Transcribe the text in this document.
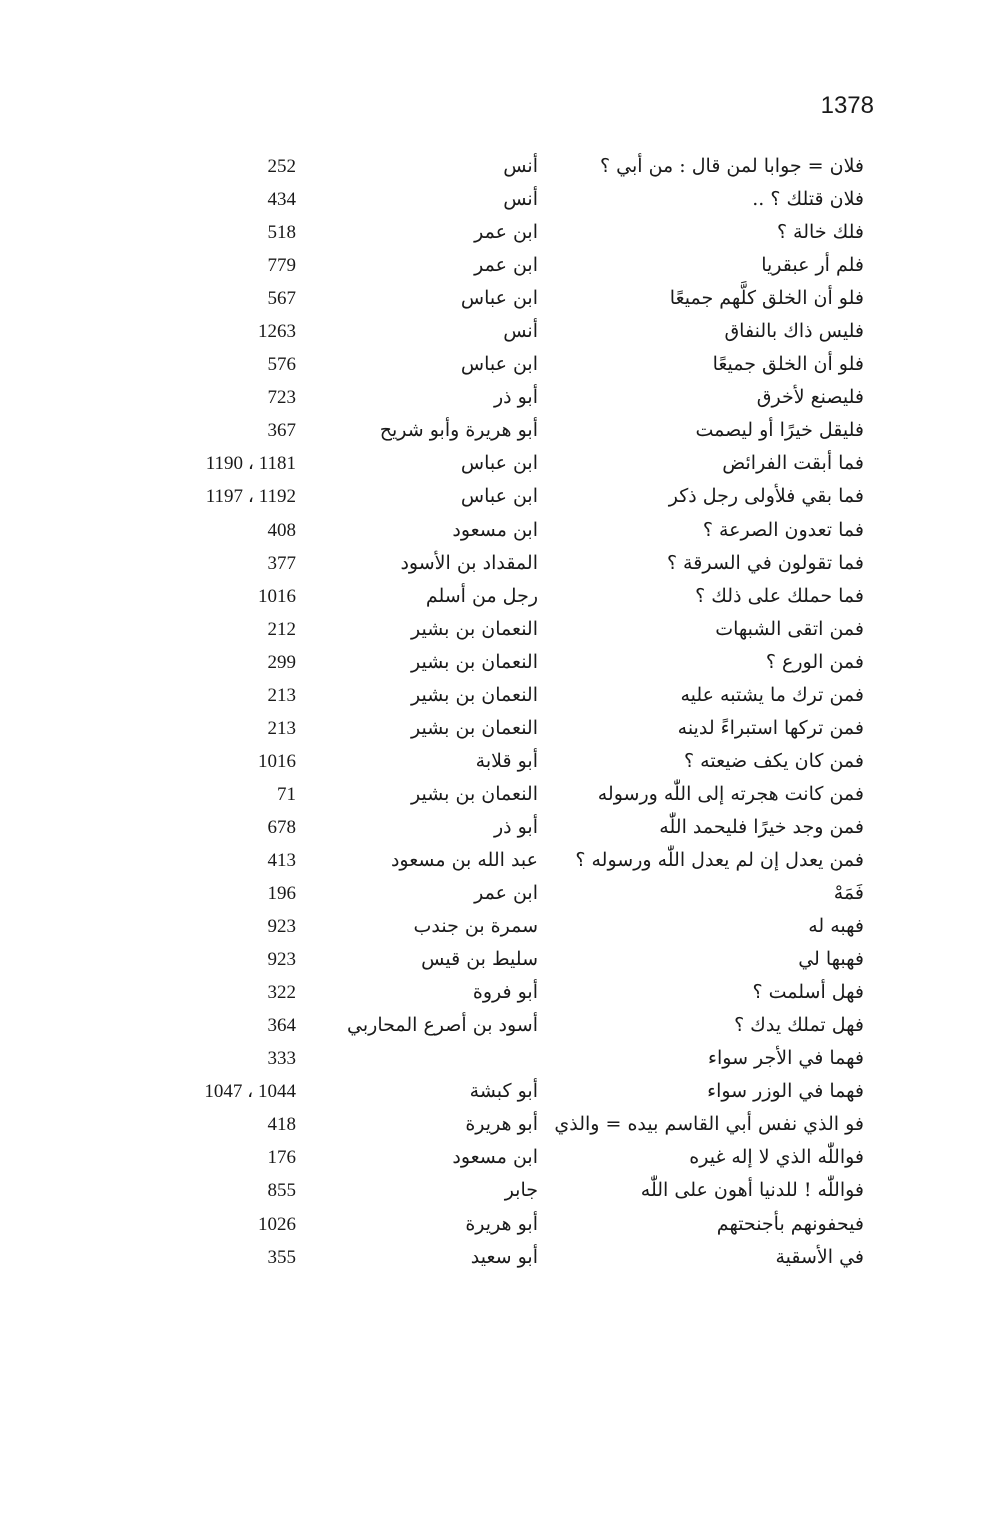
1378
فلان = جوابا لمن قال : من أبي ؟
أنس
252
فلان قتلك ؟ ..
أنس
434
فلك خالة ؟
ابن عمر
518
فلم أر عبقريا
ابن عمر
779
فلو أن الخلق كلَّهم جميعًا
ابن عباس
567
فليس ذاك بالنفاق
أنس
1263
فلو أن الخلق جميعًا
ابن عباس
576
فليصنع لأخرق
أبو ذر
723
فليقل خيرًا أو ليصمت
أبو هريرة وأبو شريح
367
فما أبقت الفرائض
ابن عباس
1181 ، 1190
فما بقي فلأولى رجل ذكر
ابن عباس
1192 ، 1197
فما تعدون الصرعة ؟
ابن مسعود
408
فما تقولون في السرقة ؟
المقداد بن الأسود
377
فما حملك على ذلك ؟
رجل من أسلم
1016
فمن اتقى الشبهات
النعمان بن بشير
212
فمن الورع ؟
النعمان بن بشير
299
فمن ترك ما يشتبه عليه
النعمان بن بشير
213
فمن تركها استبراءً لدينه
النعمان بن بشير
213
فمن كان يكف ضيعته ؟
أبو قلابة
1016
فمن كانت هجرته إلى اللّٰه ورسوله
النعمان بن بشير
71
فمن وجد خيرًا فليحمد اللّٰه
أبو ذر
678
فمن يعدل إن لم يعدل اللّٰه ورسوله ؟
عبد الله بن مسعود
413
فَمَهْ
ابن عمر
196
فهبه له
سمرة بن جندب
923
فهبها لي
سليط بن قيس
923
فهل أسلمت ؟
أبو فروة
322
فهل تملك يدك ؟
أسود بن أصرع المحاربي
364
فهما في الأجر سواء
333
فهما في الوزر سواء
أبو كبشة
1044 ، 1047
فو الذي نفس أبي القاسم بيده = والذي
أبو هريرة
418
فواللّٰه الذي لا إله غيره
ابن مسعود
176
فواللّٰه ! للدنيا أهون على اللّٰه
جابر
855
فيحفونهم بأجنحتهم
أبو هريرة
1026
في الأسقية
أبو سعيد
355
